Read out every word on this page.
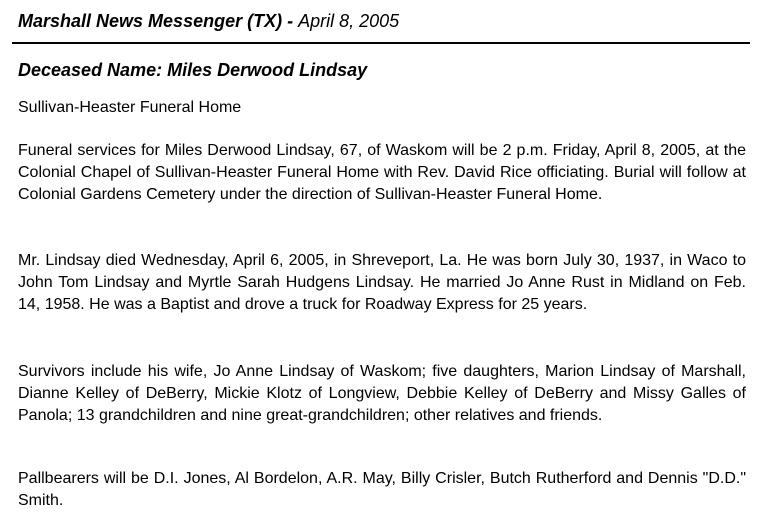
Marshall News Messenger (TX) - April 8, 2005
Deceased Name: Miles Derwood Lindsay
Sullivan-Heaster Funeral Home

Funeral services for Miles Derwood Lindsay, 67, of Waskom will be 2 p.m. Friday, April 8, 2005, at the Colonial Chapel of Sullivan-Heaster Funeral Home with Rev. David Rice officiating. Burial will follow at Colonial Gardens Cemetery under the direction of Sullivan-Heaster Funeral Home.

Mr. Lindsay died Wednesday, April 6, 2005, in Shreveport, La. He was born July 30, 1937, in Waco to John Tom Lindsay and Myrtle Sarah Hudgens Lindsay. He married Jo Anne Rust in Midland on Feb. 14, 1958. He was a Baptist and drove a truck for Roadway Express for 25 years.

Survivors include his wife, Jo Anne Lindsay of Waskom; five daughters, Marion Lindsay of Marshall, Dianne Kelley of DeBerry, Mickie Klotz of Longview, Debbie Kelley of DeBerry and Missy Galles of Panola; 13 grandchildren and nine great-grandchildren; other relatives and friends.

Pallbearers will be D.I. Jones, Al Bordelon, A.R. May, Billy Crisler, Butch Rutherford and Dennis "D.D." Smith.
